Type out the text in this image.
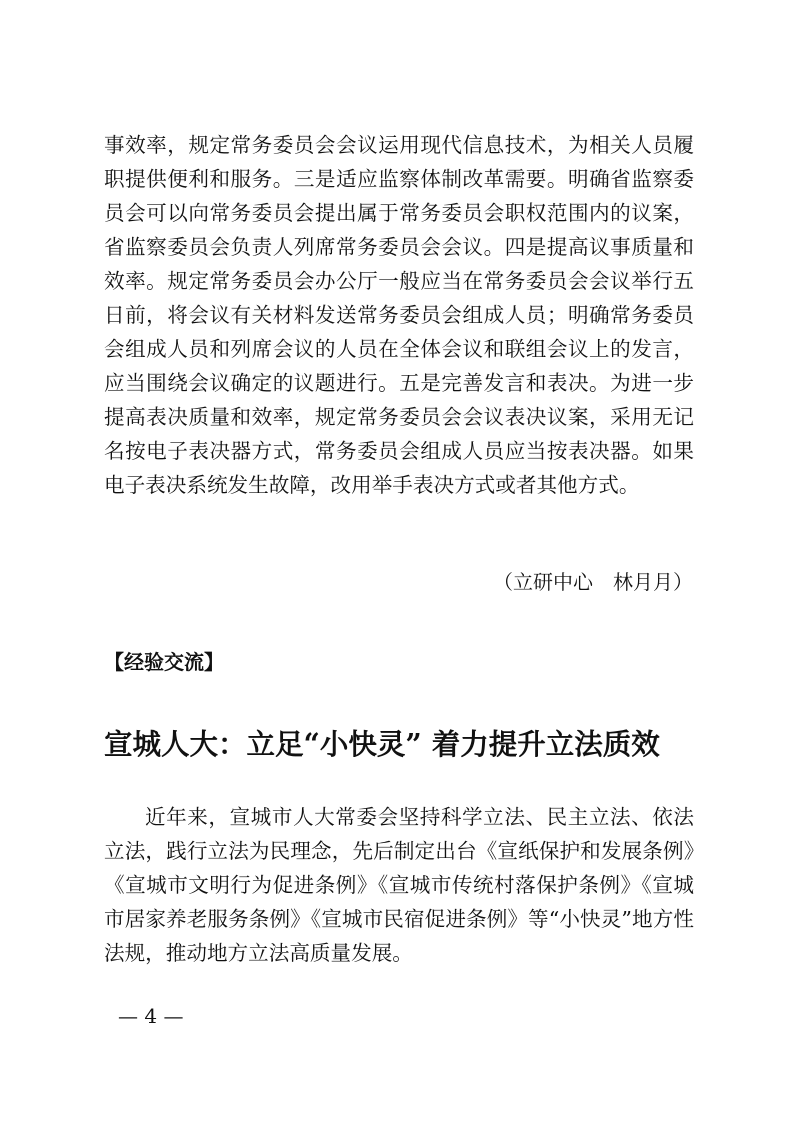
事效率，规定常务委员会会议运用现代信息技术，为相关人员履职提供便利和服务。三是适应监察体制改革需要。明确省监察委员会可以向常务委员会提出属于常务委员会职权范围内的议案，省监察委员会负责人列席常务委员会会议。四是提高议事质量和效率。规定常务委员会办公厅一般应当在常务委员会会议举行五日前，将会议有关材料发送常务委员会组成人员；明确常务委员会组成人员和列席会议的人员在全体会议和联组会议上的发言，应当围绕会议确定的议题进行。五是完善发言和表决。为进一步提高表决质量和效率，规定常务委员会会议表决议案，采用无记名按电子表决器方式，常务委员会组成人员应当按表决器。如果电子表决系统发生故障，改用举手表决方式或者其他方式。

（立研中心　林月月）

【经验交流】

宣城人大：立足“小快灵” 着力提升立法质效

近年来，宣城市人大常委会坚持科学立法、民主立法、依法立法，践行立法为民理念，先后制定出台《宣纸保护和发展条例》《宣城市文明行为促进条例》《宣城市传统村落保护条例》《宣城市居家养老服务条例》《宣城市民宿促进条例》等“小快灵”地方性法规，推动地方立法高质量发展。

— 4 —
